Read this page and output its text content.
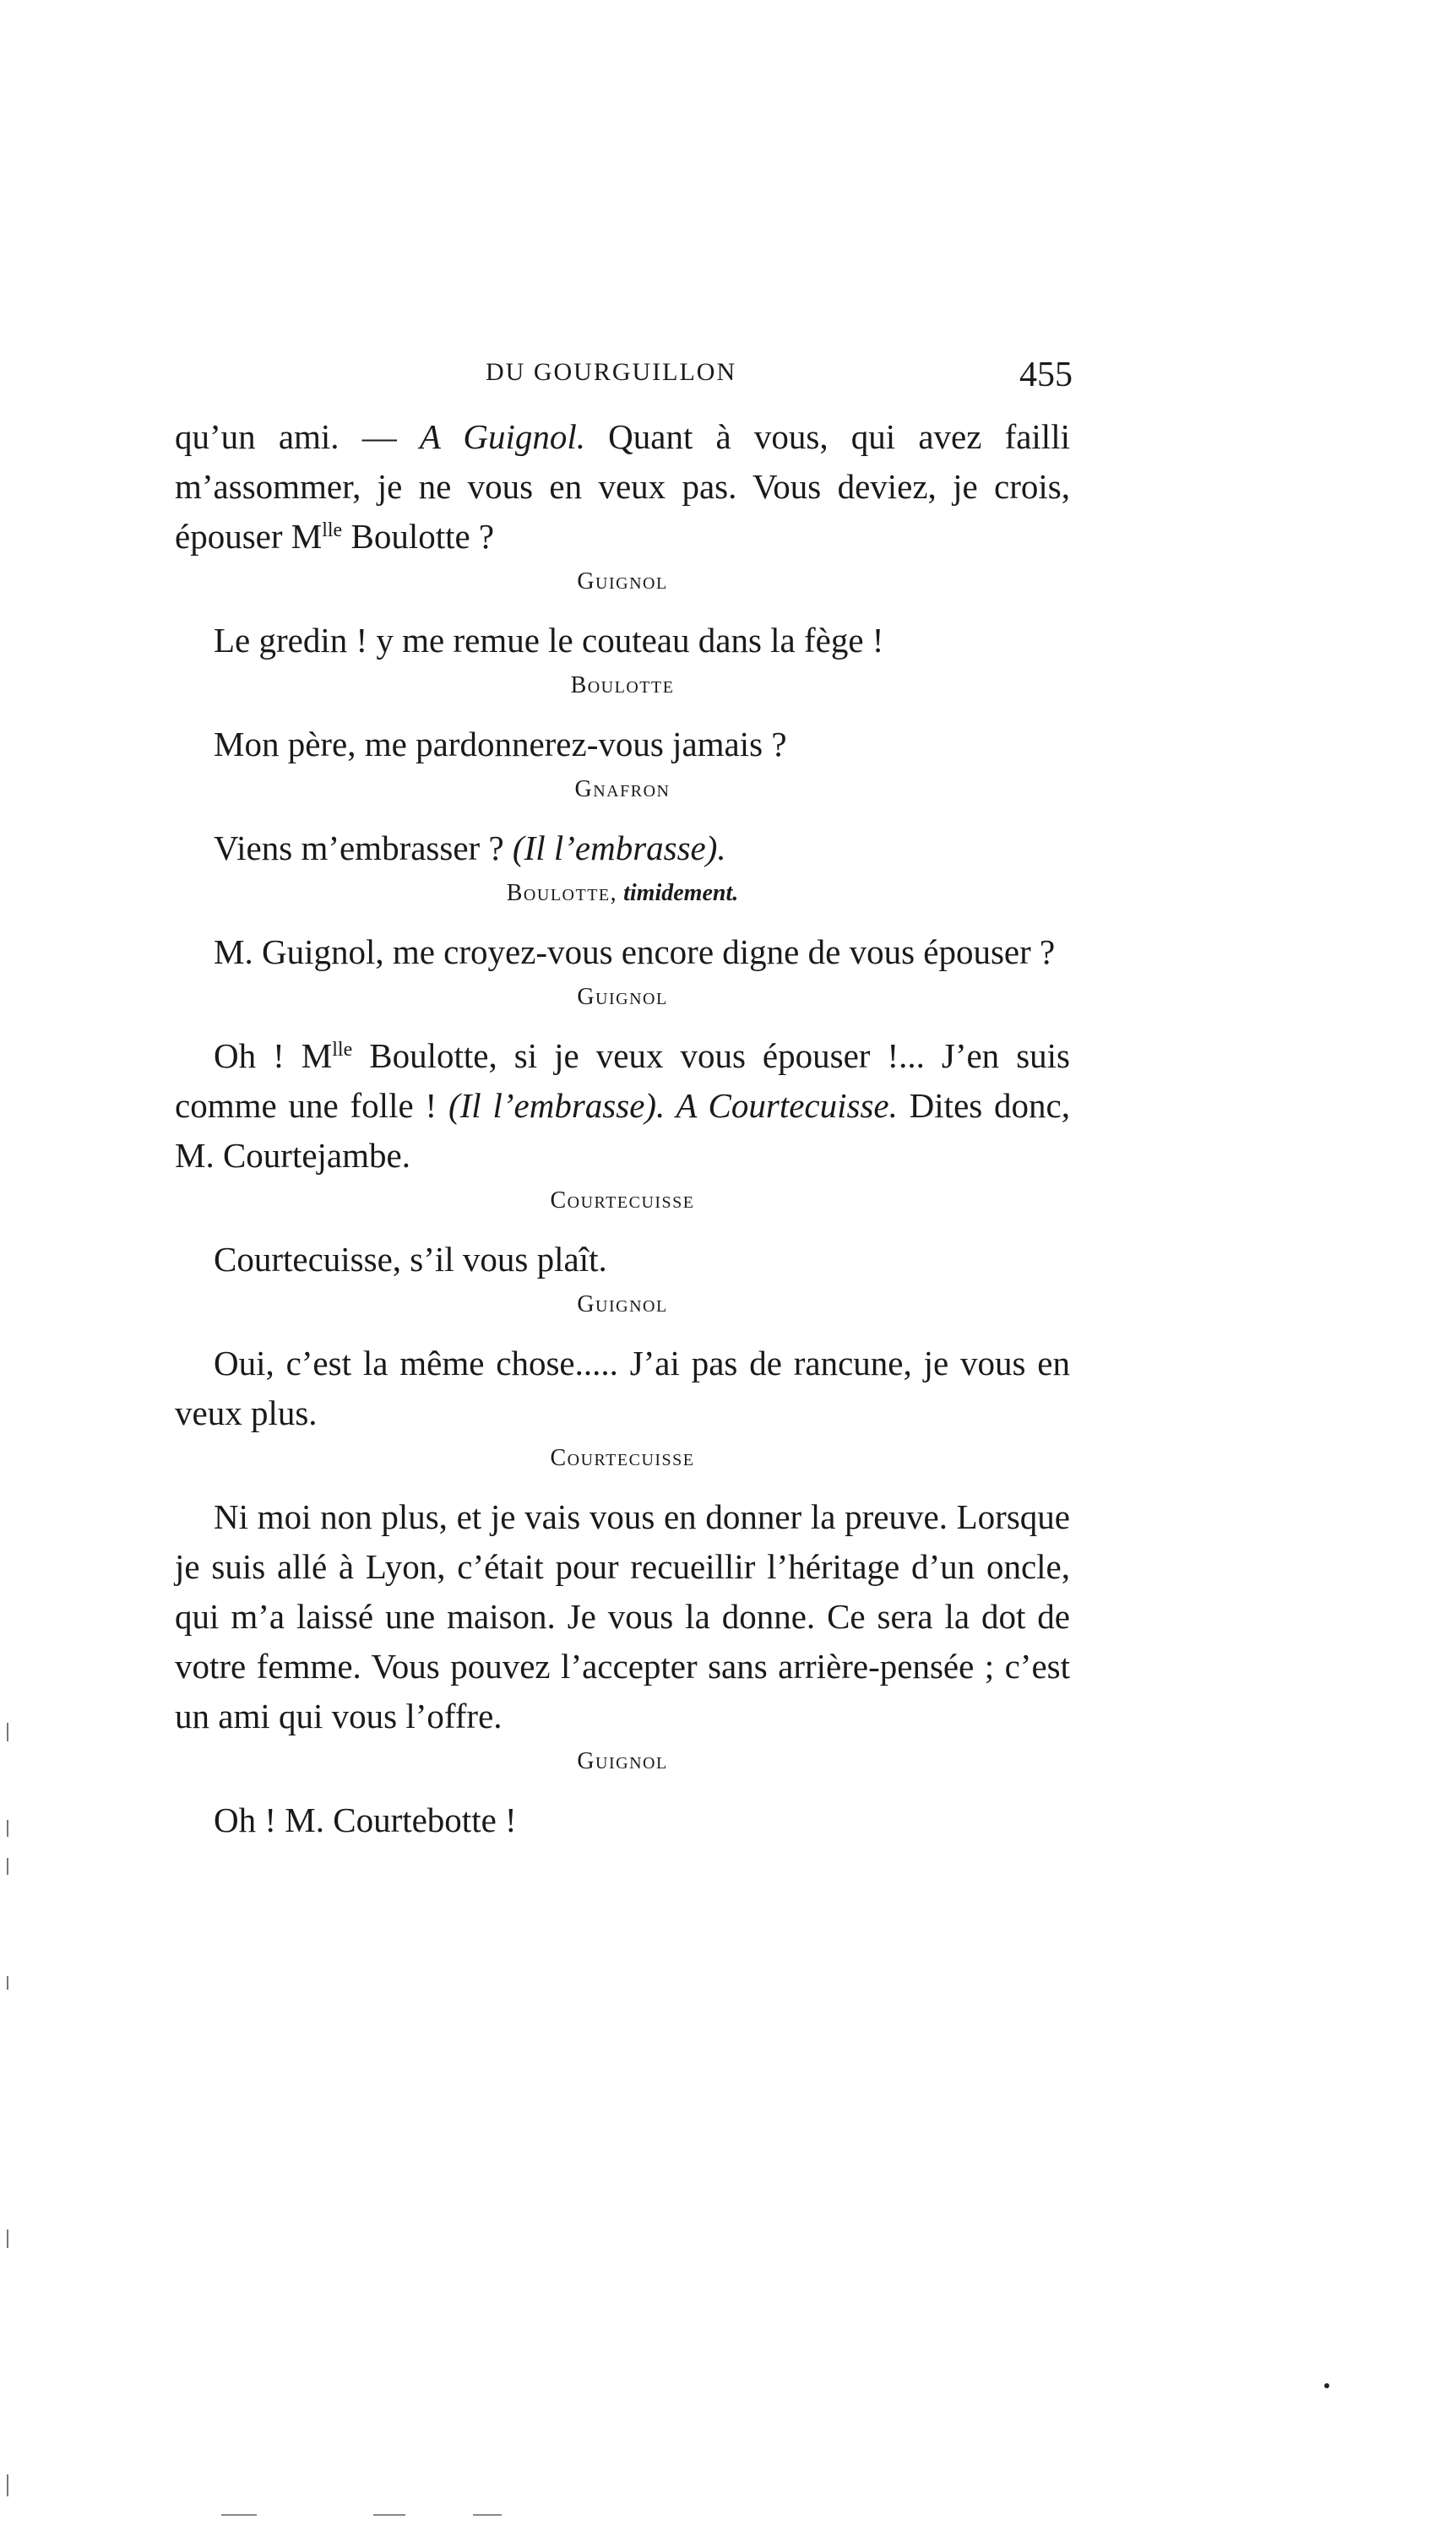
DU GOURGUILLON	455

qu’un ami. — A Guignol. Quant à vous, qui avez failli m’assommer, je ne vous en veux pas. Vous deviez, je crois, épouser $M^{lle}$ Boulotte ?

Guignol

Le gredin ! y me remue le couteau dans la fège !

Boulotte

Mon père, me pardonnerez-vous jamais ?

Gnafron

Viens m’embrasser ? (Il l’embrasse).

Boulotte, timidement.

M. Guignol, me croyez-vous encore digne de vous épouser ?

Guignol

Oh ! $M^{lle}$ Boulotte, si je veux vous épouser !... J’en suis comme une folle ! (Il l’embrasse). A Courtecuisse. Dites donc, M. Courtejambe.

Courtecuisse

Courtecuisse, s’il vous plaît.

Guignol

Oui, c’est la même chose..... J’ai pas de rancune, je vous en veux plus.

Courtecuisse

Ni moi non plus, et je vais vous en donner la preuve. Lorsque je suis allé à Lyon, c’était pour recueillir l’héritage d’un oncle, qui m’a laissé une maison. Je vous la donne. Ce sera la dot de votre femme. Vous pouvez l’accepter sans arrière-pensée ; c’est un ami qui vous l’offre.

Guignol

Oh ! M. Courtebotte !
